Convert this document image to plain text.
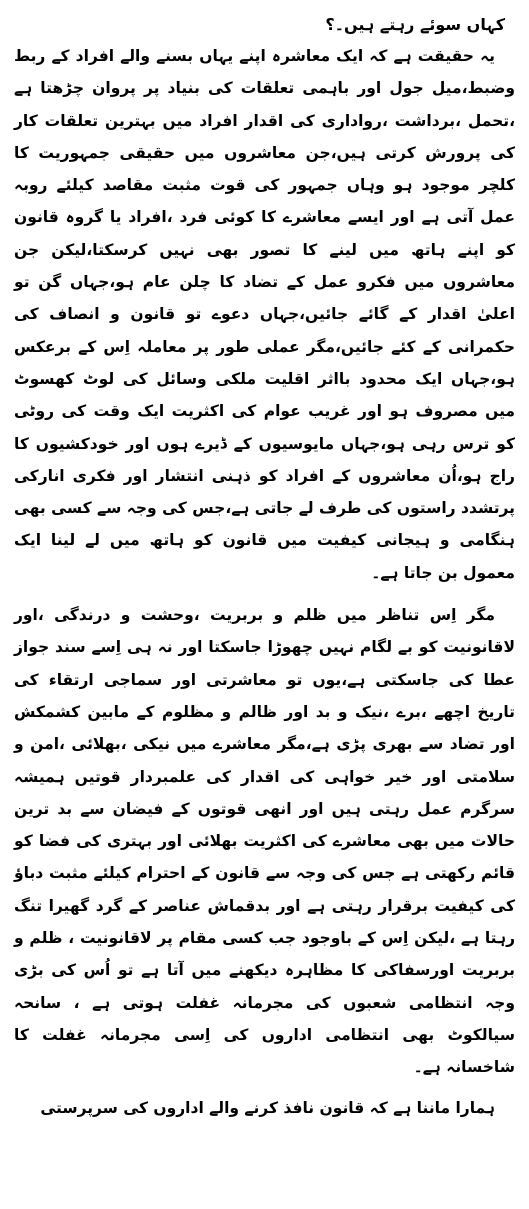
کہاں سوئے رہتے ہیں۔؟

یہ حقیقت ہے کہ ایک معاشرہ اپنے یہاں بسنے والے افراد کے ربط وضبط،میل جول اور باہمی تعلقات کی بنیاد پر پروان چڑھتا ہے ،تحمل ،برداشت ،رواداری کی اقدار افراد میں بہترین تعلقات کار کی پرورش کرتی ہیں،جن معاشروں میں حقیقی جمہوریت کا کلچر موجود ہو وہاں جمہور کی قوت مثبت مقاصد کیلئے روبہ عمل آتی ہے اور ایسے معاشرے کا کوئی فرد ،افراد یا گروہ قانون کو اپنے ہاتھ میں لینے کا تصور بھی نہیں کرسکتا،لیکن جن معاشروں میں فکرو عمل کے تضاد کا چلن عام ہو،جہاں گن تو اعلیٰ اقدار کے گائے جائیں،جہاں دعوے تو قانون و انصاف کی حکمرانی کے کئے جائیں،مگر عملی طور پر معاملہ اِس کے برعکس ہو،جہاں ایک محدود بااثر اقلیت ملکی وسائل کی لوٹ کھسوٹ میں مصروف ہو اور غریب عوام کی اکثریت ایک وقت کی روٹی کو ترس رہی ہو،جہاں مایوسیوں کے ڈیرے ہوں اور خودکشیوں کا راج ہو،اُن معاشروں کے افراد کو ذہنی انتشار اور فکری انارکی پرتشدد راستوں کی طرف لے جاتی ہے،جس کی وجہ سے کسی بھی ہنگامی و ہیجانی کیفیت میں قانون کو ہاتھ میں لے لینا ایک معمول بن جاتا ہے۔

مگر اِس تناظر میں ظلم و بربریت ،وحشت و درندگی ،اور لاقانونیت کو بے لگام نہیں چھوڑا جاسکتا اور نہ ہی اِسے سند جواز عطا کی جاسکتی ہے،یوں تو معاشرتی اور سماجی ارتقاء کی تاریخ اچھے ،برے ،نیک و بد اور ظالم و مظلوم کے مابین کشمکش اور تضاد سے بھری پڑی ہے،مگر معاشرے میں نیکی ،بھلائی ،امن و سلامتی اور خیر خواہی کی اقدار کی علمبردار قوتیں ہمیشہ سرگرم عمل رہتی ہیں اور انھی قوتوں کے فیضان سے بد ترین حالات میں بھی معاشرے کی اکثریت بھلائی اور بہتری کی فضا کو قائم رکھتی ہے جس کی وجہ سے قانون کے احترام کیلئے مثبت دباؤ کی کیفیت برقرار رہتی ہے اور بدقماش عناصر کے گرد گھیرا تنگ رہتا ہے ،لیکن اِس کے باوجود جب کسی مقام پر لاقانونیت ، ظلم و بربریت اورسفاکی کا مظاہرہ دیکھنے میں آتا ہے تو اُس کی بڑی وجہ انتظامی شعبوں کی مجرمانہ غفلت ہوتی ہے ، سانحہ سیالکوٹ بھی انتظامی اداروں کی اِسی مجرمانہ غفلت کا شاخسانہ ہے۔

ہمارا ماننا ہے کہ قانون نافذ کرنے والے اداروں کی سرپرستی
